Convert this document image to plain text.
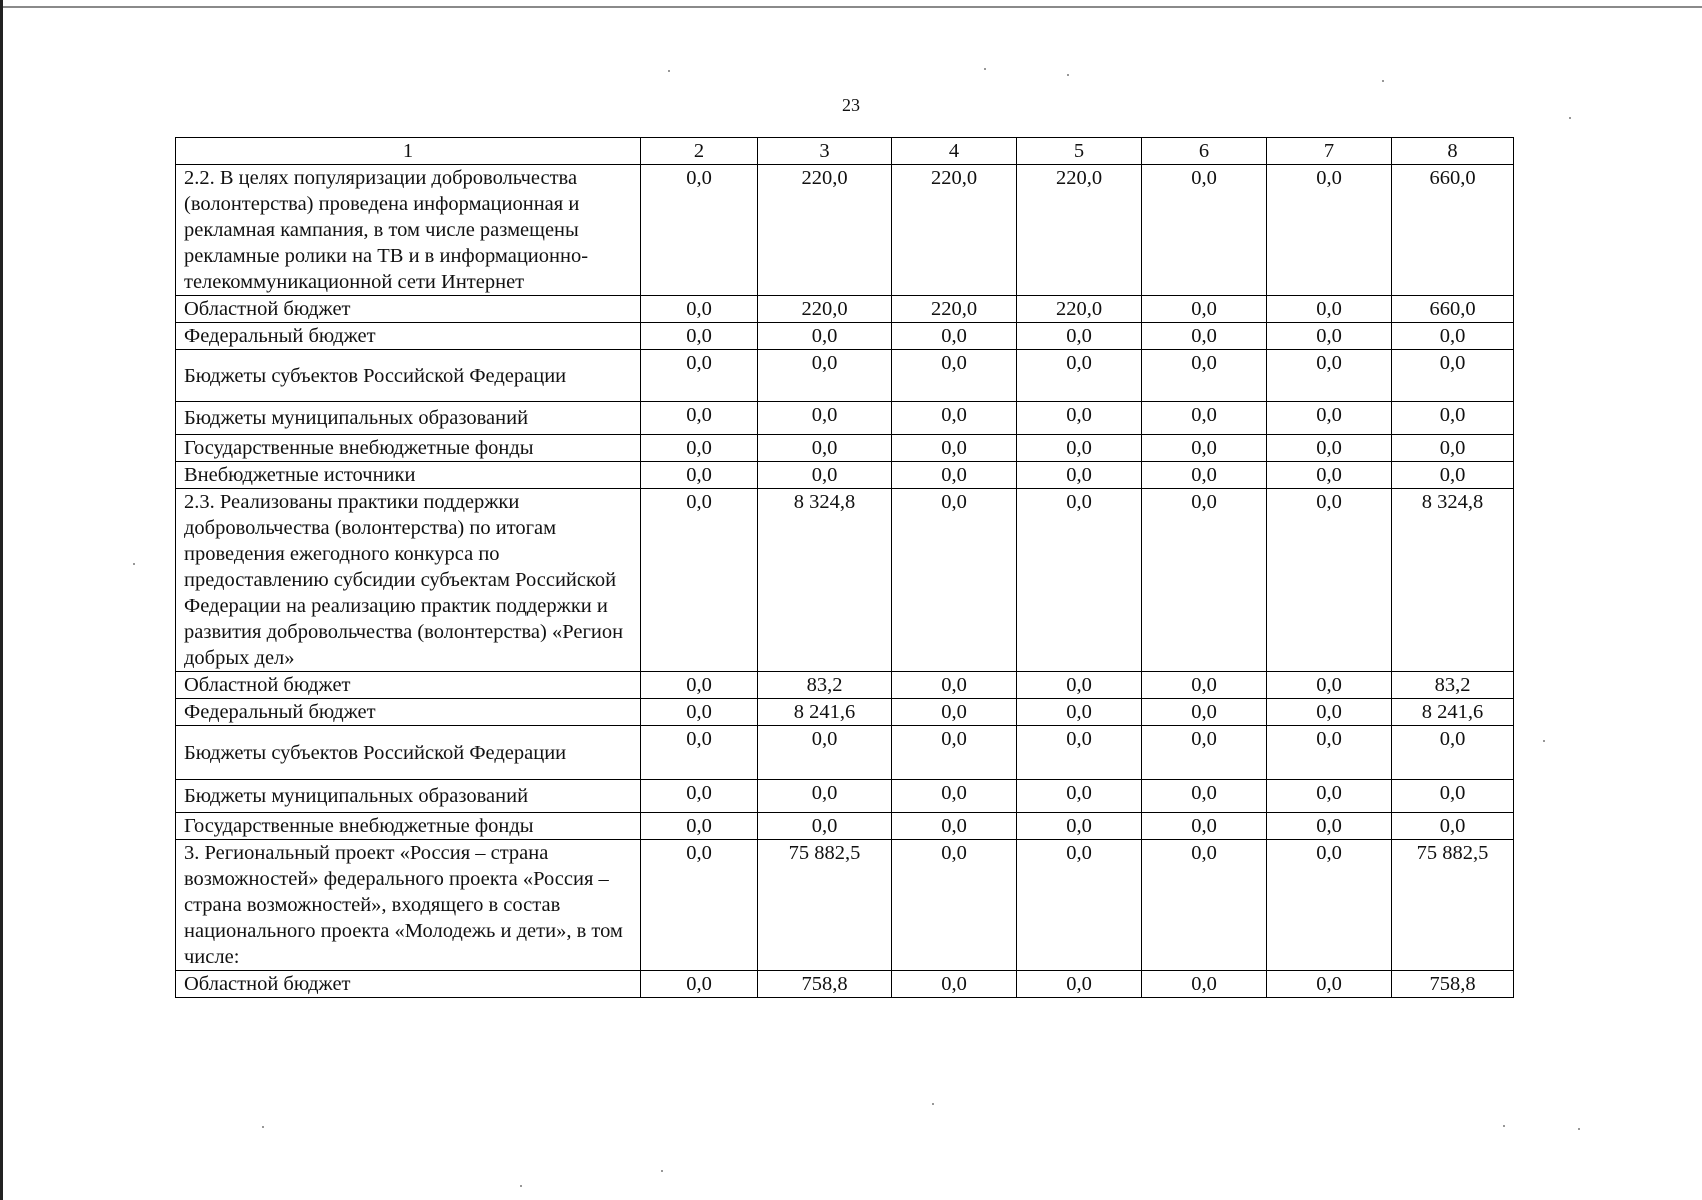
23
1	2	3	4	5	6	7	8
2.2. В целях популяризации добровольчества (волонтерства) проведена информационная и рекламная кампания, в том числе размещены рекламные ролики на ТВ и в информационно-телекоммуникационной сети Интернет	0,0	220,0	220,0	220,0	0,0	0,0	660,0
Областной бюджет	0,0	220,0	220,0	220,0	0,0	0,0	660,0
Федеральный бюджет	0,0	0,0	0,0	0,0	0,0	0,0	0,0
Бюджеты субъектов Российской Федерации	0,0	0,0	0,0	0,0	0,0	0,0	0,0
Бюджеты муниципальных образований	0,0	0,0	0,0	0,0	0,0	0,0	0,0
Государственные внебюджетные фонды	0,0	0,0	0,0	0,0	0,0	0,0	0,0
Внебюджетные источники	0,0	0,0	0,0	0,0	0,0	0,0	0,0
2.3. Реализованы практики поддержки добровольчества (волонтерства) по итогам проведения ежегодного конкурса по предоставлению субсидии субъектам Российской Федерации на реализацию практик поддержки и развития добровольчества (волонтерства) «Регион добрых дел»	0,0	8 324,8	0,0	0,0	0,0	0,0	8 324,8
Областной бюджет	0,0	83,2	0,0	0,0	0,0	0,0	83,2
Федеральный бюджет	0,0	8 241,6	0,0	0,0	0,0	0,0	8 241,6
Бюджеты субъектов Российской Федерации	0,0	0,0	0,0	0,0	0,0	0,0	0,0
Бюджеты муниципальных образований	0,0	0,0	0,0	0,0	0,0	0,0	0,0
Государственные внебюджетные фонды	0,0	0,0	0,0	0,0	0,0	0,0	0,0
3. Региональный проект «Россия – страна возможностей» федерального проекта «Россия – страна возможностей», входящего в состав национального проекта «Молодежь и дети», в том числе:	0,0	75 882,5	0,0	0,0	0,0	0,0	75 882,5
Областной бюджет	0,0	758,8	0,0	0,0	0,0	0,0	758,8
